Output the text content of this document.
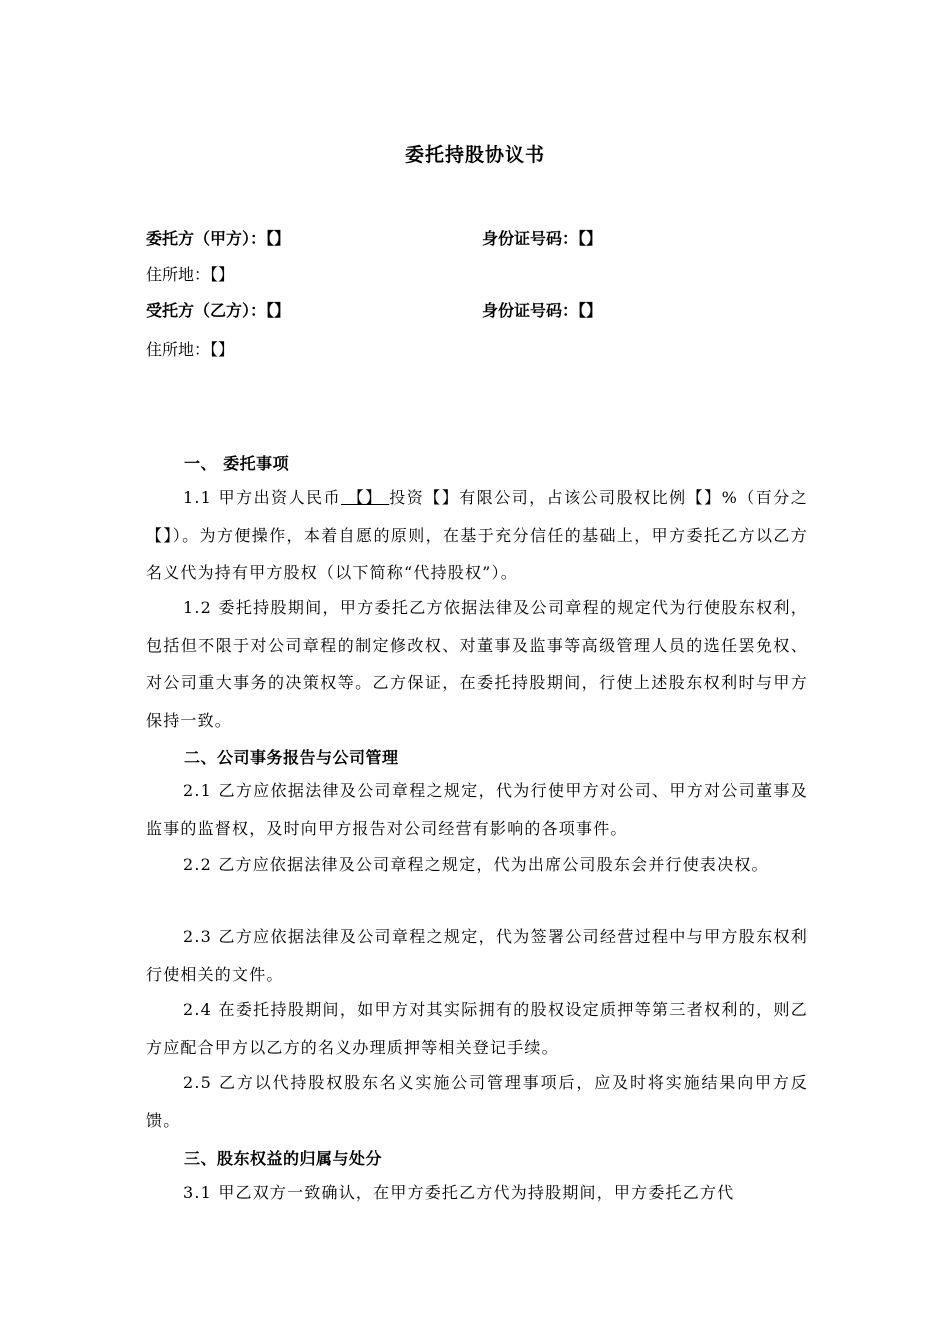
委托持股协议书
委托方（甲方）：【】	身份证号码：【】
住所地：【】
受托方（乙方）：【】	身份证号码：【】
住所地：【】
一、 委托事项
1.1 甲方出资人民币 【】 投资【】有限公司，占该公司股权比例【】%（百分之【】）。为方便操作，本着自愿的原则，在基于充分信任的基础上，甲方委托乙方以乙方名义代为持有甲方股权（以下简称“代持股权”）。
1.2 委托持股期间，甲方委托乙方依据法律及公司章程的规定代为行使股东权利，包括但不限于对公司章程的制定修改权、对董事及监事等高级管理人员的选任罢免权、对公司重大事务的决策权等。乙方保证，在委托持股期间，行使上述股东权利时与甲方保持一致。
二、公司事务报告与公司管理
2.1 乙方应依据法律及公司章程之规定，代为行使甲方对公司、甲方对公司董事及监事的监督权，及时向甲方报告对公司经营有影响的各项事件。
2.2 乙方应依据法律及公司章程之规定，代为出席公司股东会并行使表决权。
2.3 乙方应依据法律及公司章程之规定，代为签署公司经营过程中与甲方股东权利行使相关的文件。
2.4 在委托持股期间，如甲方对其实际拥有的股权设定质押等第三者权利的，则乙方应配合甲方以乙方的名义办理质押等相关登记手续。
2.5 乙方以代持股权股东名义实施公司管理事项后，应及时将实施结果向甲方反馈。
三、股东权益的归属与处分
3.1 甲乙双方一致确认，在甲方委托乙方代为持股期间，甲方委托乙方代
